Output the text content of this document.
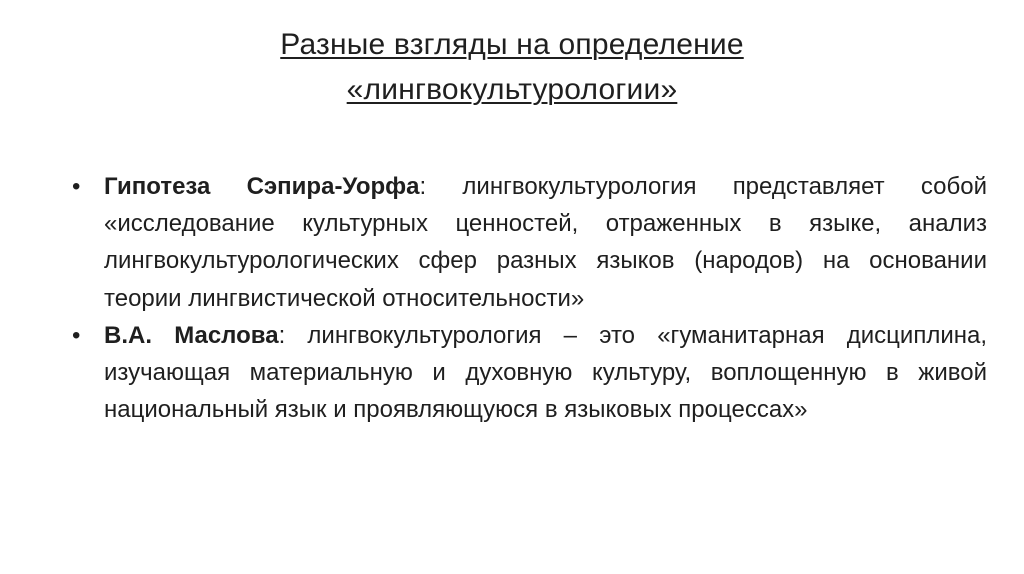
Разные взгляды на определение
«лингвокультурологии»
• Гипотеза Сэпира-Уорфа: лингвокультурология представляет собой «исследование культурных ценностей, отраженных в языке, анализ лингвокультурологических сфер разных языков (народов) на основании теории лингвистической относительности»
• В.А. Маслова: лингвокультурология – это «гуманитарная дисциплина, изучающая материальную и духовную культуру, воплощенную в живой национальный язык и проявляющуюся в языковых процессах»
